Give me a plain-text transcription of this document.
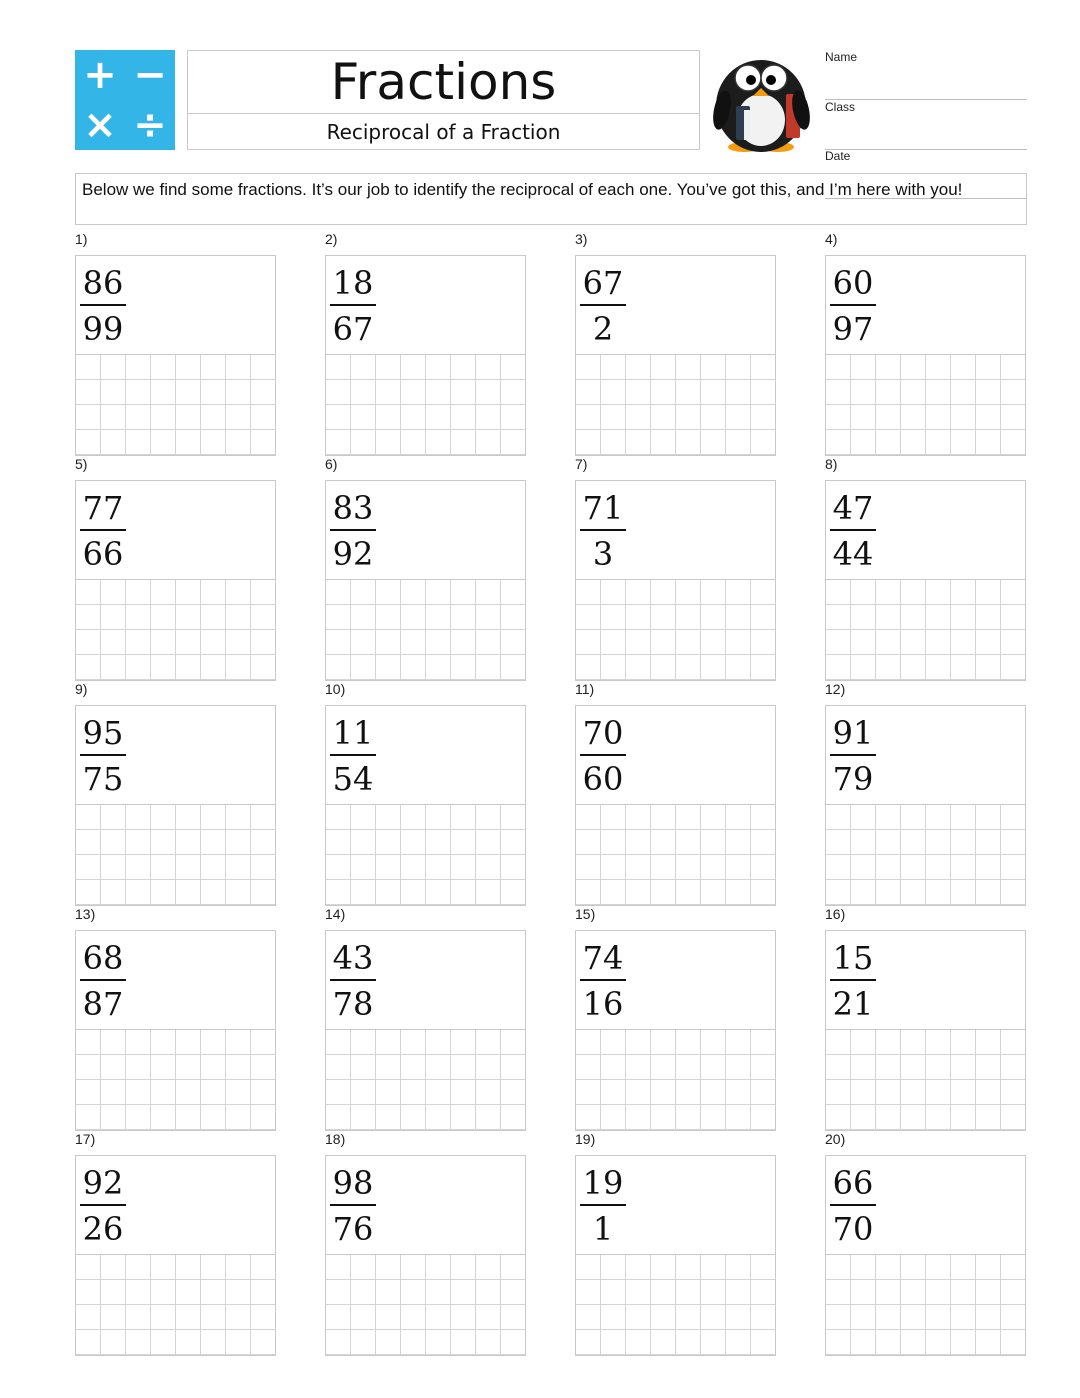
+ −
× ÷
Fractions
Reciprocal of a Fraction
Name
Class
Date
Below we find some fractions. It’s our job to identify the reciprocal of each one. You’ve got this, and I’m here with you!
1)
86
99
2)
18
67
3)
67
2
4)
60
97
5)
77
66
6)
83
92
7)
71
3
8)
47
44
9)
95
75
10)
11
54
11)
70
60
12)
91
79
13)
68
87
14)
43
78
15)
74
16
16)
15
21
17)
92
26
18)
98
76
19)
19
1
20)
66
70
